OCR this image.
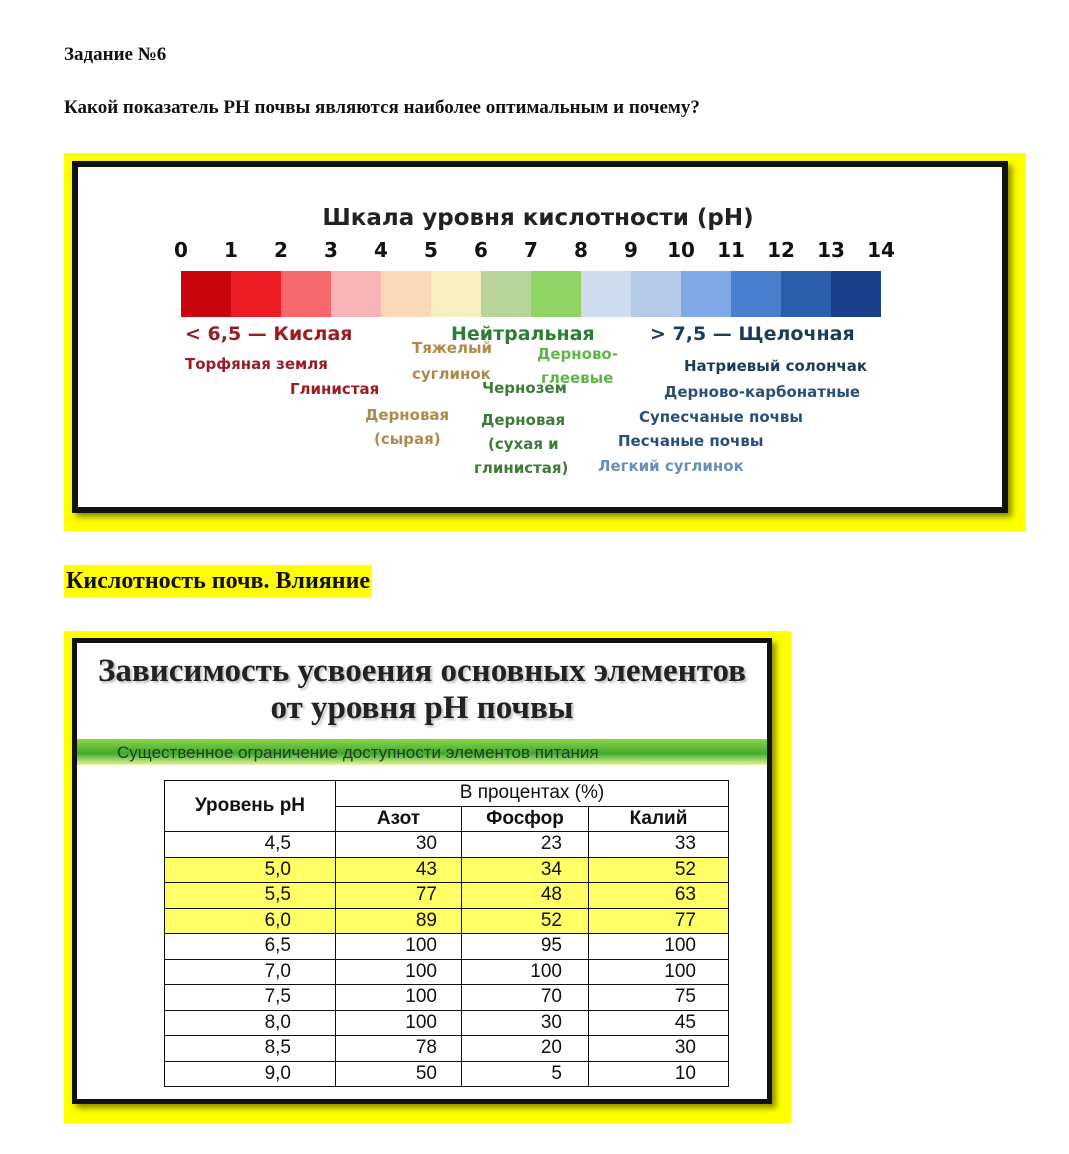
Задание №6
Какой показатель РН почвы являются наиболее оптимальным и почему?
Шкала уровня кислотности (pH)
0	1	2	3	4	5	6	7	8	9	10 11 12 13 14
< 6,5 — Кислая	Нейтральная	> 7,5 — Щелочная
Торфяная земля
Глинистая
Дерновая
(сырая)
Тяжелый
суглинок
Дерново-
глеевые
Чернозем
Дерновая
(сухая и
глинистая)
Натриевый солончак
Дерново-карбонатные
Супесчаные почвы
Песчаные почвы
Легкий суглинок
Кислотность почв. Влияние
Зависимость усвоения основных элементов
от уровня рН почвы
Существенное ограничение доступности элементов питания
Уровень рН	В процентах (%)		
	Азот	Фосфор	Калий
4,5	30	23	33
5,0	43	34	52
5,5	77	48	63
6,0	89	52	77
6,5	100	95	100
7,0	100	100	100
7,5	100	70	75
8,0	100	30	45
8,5	78	20	30
9,0	50	5	10
